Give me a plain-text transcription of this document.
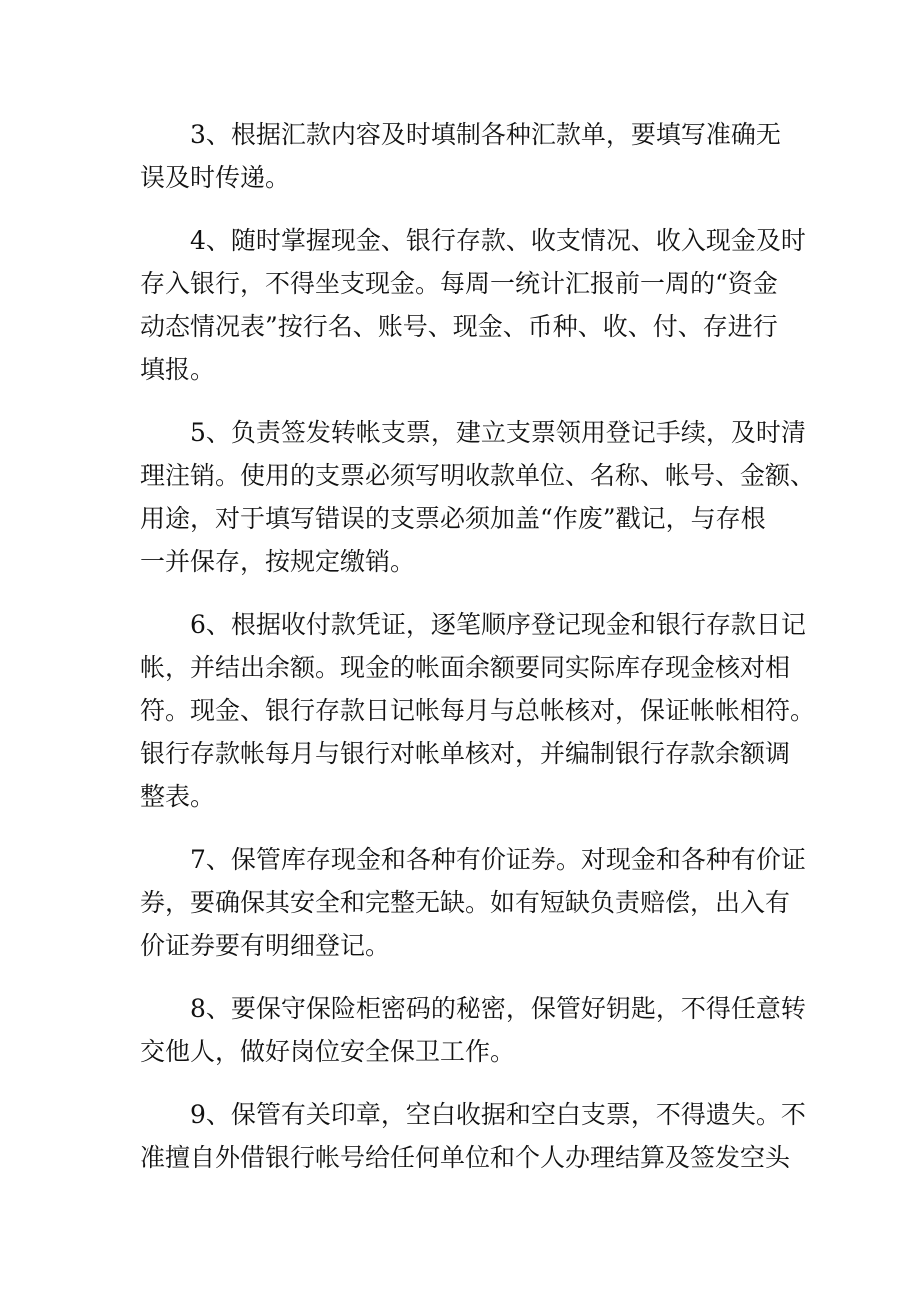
3、根据汇款内容及时填制各种汇款单，要填写准确无
误及时传递。
4、随时掌握现金、银行存款、收支情况、收入现金及时
存入银行，不得坐支现金。每周一统计汇报前一周的“资金
动态情况表”按行名、账号、现金、币种、收、付、存进行
填报。
5、负责签发转帐支票，建立支票领用登记手续，及时清
理注销。使用的支票必须写明收款单位、名称、帐号、金额、
用途，对于填写错误的支票必须加盖“作废”戳记，与存根
一并保存，按规定缴销。
6、根据收付款凭证，逐笔顺序登记现金和银行存款日记
帐，并结出余额。现金的帐面余额要同实际库存现金核对相
符。现金、银行存款日记帐每月与总帐核对，保证帐帐相符。
银行存款帐每月与银行对帐单核对，并编制银行存款余额调
整表。
7、保管库存现金和各种有价证券。对现金和各种有价证
券，要确保其安全和完整无缺。如有短缺负责赔偿，出入有
价证券要有明细登记。
8、要保守保险柜密码的秘密，保管好钥匙，不得任意转
交他人，做好岗位安全保卫工作。
9、保管有关印章，空白收据和空白支票，不得遗失。不
准擅自外借银行帐号给任何单位和个人办理结算及签发空头
